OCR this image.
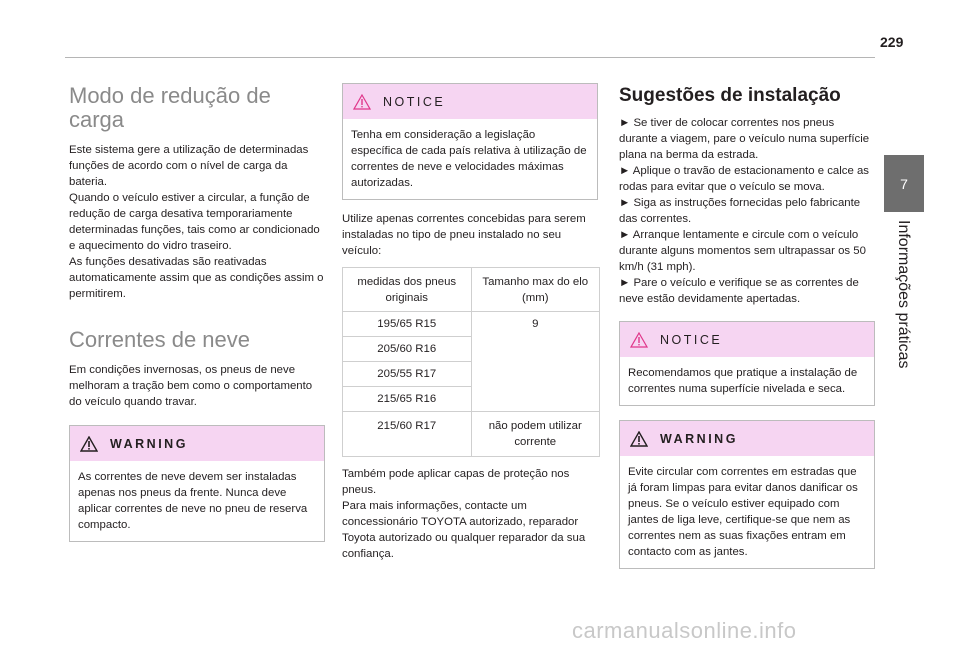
229
7
Informações práticas
Modo de redução de carga

Este sistema gere a utilização de determinadas funções de acordo com o nível de carga da bateria.

Quando o veículo estiver a circular, a função de redução de carga desativa temporariamente determinadas funções, tais como ar condicionado e aquecimento do vidro traseiro.

As funções desativadas são reativadas automaticamente assim que as condições assim o permitirem.

Correntes de neve

Em condições invernosas, os pneus de neve melhoram a tração bem como o comportamento do veículo quando travar.

WARNING

As correntes de neve devem ser instaladas apenas nos pneus da frente. Nunca deve aplicar correntes de neve no pneu de reserva compacto.

NOTICE

Tenha em consideração a legislação específica de cada país relativa à utilização de correntes de neve e velocidades máximas autorizadas.

Utilize apenas correntes concebidas para serem instaladas no tipo de pneu instalado no seu veículo:

medidas dos pneus originais	Tamanho max do elo (mm)
195/65 R15	9
205/60 R16	
205/55 R17	
215/65 R16	
215/60 R17	não podem utilizar corrente

Também pode aplicar capas de proteção nos pneus.

Para mais informações, contacte um concessionário TOYOTA autorizado, reparador Toyota autorizado ou qualquer reparador da sua confiança.

Sugestões de instalação

► Se tiver de colocar correntes nos pneus durante a viagem, pare o veículo numa superfície plana na berma da estrada.

► Aplique o travão de estacionamento e calce as rodas para evitar que o veículo se mova.

► Siga as instruções fornecidas pelo fabricante das correntes.

► Arranque lentamente e circule com o veículo durante alguns momentos sem ultrapassar os 50 km/h (31 mph).

► Pare o veículo e verifique se as correntes de neve estão devidamente apertadas.

NOTICE

Recomendamos que pratique a instalação de correntes numa superfície nivelada e seca.

WARNING

Evite circular com correntes em estradas que já foram limpas para evitar danos danificar os pneus. Se o veículo estiver equipado com jantes de liga leve, certifique-se que nem as correntes nem as suas fixações entram em contacto com as jantes.

carmanualsonline.info
